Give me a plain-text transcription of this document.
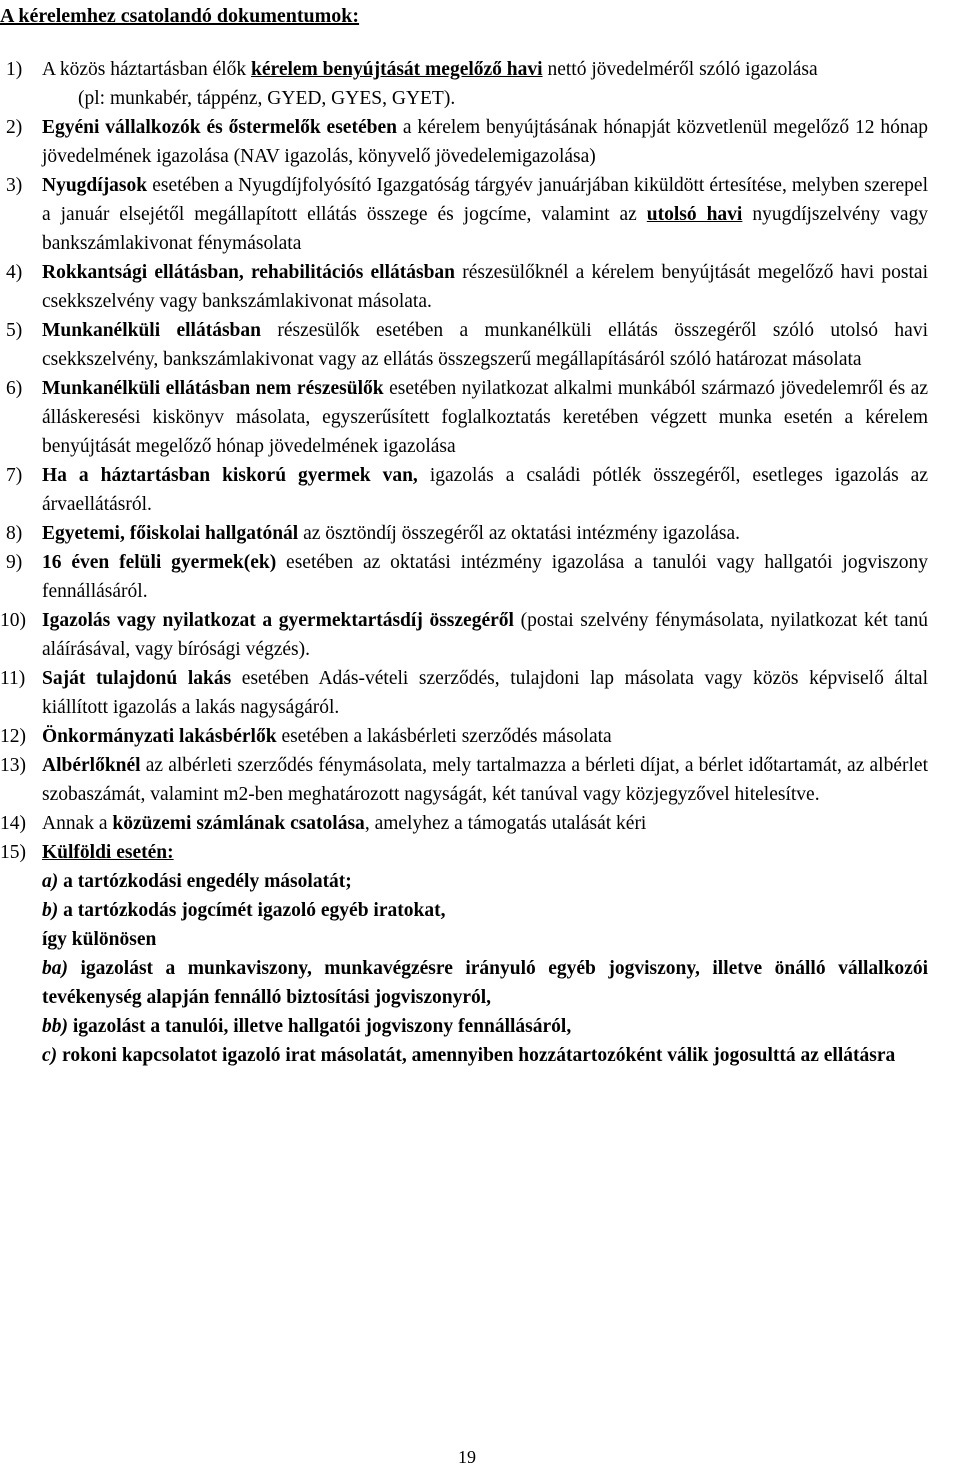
A kérelemhez csatolandó dokumentumok:
1) A közös háztartásban élők kérelem benyújtását megelőző havi nettó jövedelméről szóló igazolása
(pl: munkabér, táppénz, GYED, GYES, GYET).
2) Egyéni vállalkozók és őstermelők esetében a kérelem benyújtásának hónapját közvetlenül megelőző 12 hónap jövedelmének igazolása (NAV igazolás, könyvelő jövedelemigazolása)
3) Nyugdíjasok esetében a Nyugdíjfolyósító Igazgatóság tárgyév januárjában kiküldött értesítése, melyben szerepel a január elsejétől megállapított ellátás összege és jogcíme, valamint az utolsó havi nyugdíjszelvény vagy bankszámlakivonat fénymásolata
4) Rokkantsági ellátásban, rehabilitációs ellátásban részesülőknél a kérelem benyújtását megelőző havi postai csekkszelvény vagy bankszámlakivonat másolata.
5) Munkanélküli ellátásban részesülők esetében a munkanélküli ellátás összegéről szóló utolsó havi csekkszelvény, bankszámlakivonat vagy az ellátás összegszerű megállapításáról szóló határozat másolata
6) Munkanélküli ellátásban nem részesülők esetében nyilatkozat alkalmi munkából származó jövedelemről és az álláskeresési kiskönyv másolata, egyszerűsített foglalkoztatás keretében végzett munka esetén a kérelem benyújtását megelőző hónap jövedelmének igazolása
7) Ha a háztartásban kiskorú gyermek van, igazolás a családi pótlék összegéről, esetleges igazolás az árvaellátásról.
8) Egyetemi, főiskolai hallgatónál az ösztöndíj összegéről az oktatási intézmény igazolása.
9) 16 éven felüli gyermek(ek) esetében az oktatási intézmény igazolása a tanulói vagy hallgatói jogviszony fennállásáról.
10) Igazolás vagy nyilatkozat a gyermektartásdíj összegéről (postai szelvény fénymásolata, nyilatkozat két tanú aláírásával, vagy bírósági végzés).
11) Saját tulajdonú lakás esetében Adás-vételi szerződés, tulajdoni lap másolata vagy közös képviselő által kiállított igazolás a lakás nagyságáról.
12) Önkormányzati lakásbérlők esetében a lakásbérleti szerződés másolata
13) Albérlőknél az albérleti szerződés fénymásolata, mely tartalmazza a bérleti díjat, a bérlet időtartamát, az albérlet szobaszámát, valamint m2-ben meghatározott nagyságát, két tanúval vagy közjegyzővel hitelesítve.
14) Annak a közüzemi számlának csatolása, amelyhez a támogatás utalását kéri
15) Külföldi esetén:
a) a tartózkodási engedély másolatát;
b) a tartózkodás jogcímét igazoló egyéb iratokat,
így különösen
ba) igazolást a munkaviszony, munkavégzésre irányuló egyéb jogviszony, illetve önálló vállalkozói tevékenység alapján fennálló biztosítási jogviszonyról,
bb) igazolást a tanulói, illetve hallgatói jogviszony fennállásáról,
c) rokoni kapcsolatot igazoló irat másolatát, amennyiben hozzátartozóként válik jogosulttá az ellátásra
19
